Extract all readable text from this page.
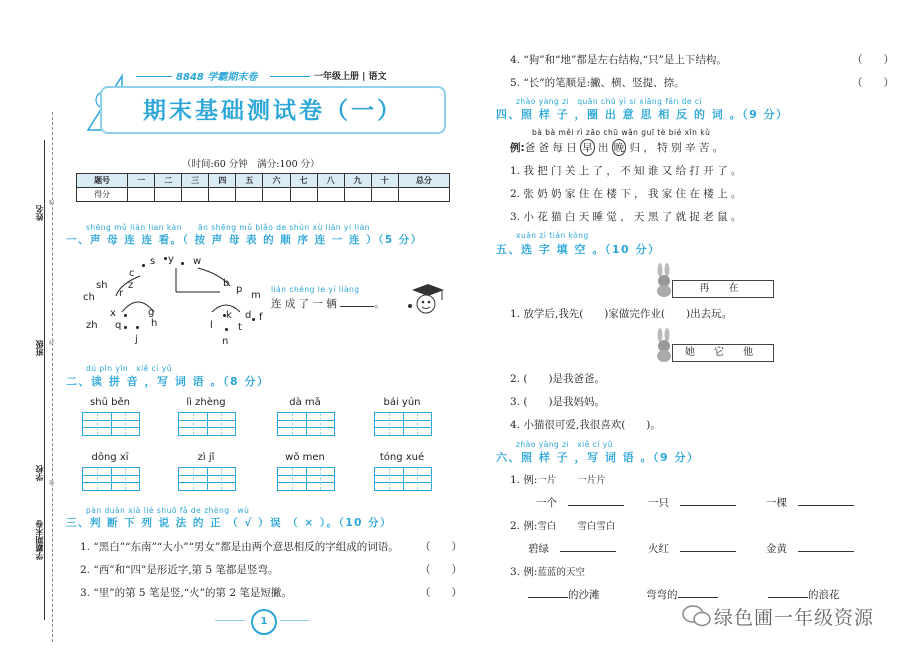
姓名
班级
学校
学霸期末卷
线
封
密
8848 学霸期末卷	一年级上册 | 语文
期末基础测试卷（一）
（时间:60 分钟　满分:100 分）
题号	一	二	三	四	五	六	七	八	九	十	总分
得分											
shēng mǔ lián lian kàn　　ān shēng mǔ biǎo de shùn xù lián yi lián
一、声 母 连 连 看。（ 按 声 母 表 的 顺 序 连 一 连 ）（5 分）
c
s y w
z
r
b
p
sh
m
ch
x	d f
zh q	h	l	t
j
g	k
n
lián chéng le yí liàng
连 成 了 一 辆	。
dú pīn yīn　xiě cí yǔ
二、读 拼 音 ，写 词 语 。（8 分）
shū běn	lì zhèng	dà mǎ	bái yún
dōng xī	zì jǐ	wǒ men	tóng xué
pàn duàn xià liè shuō fǎ de zhèng　wù
三、判 断 下 列 说 法 的 正 （ √ ）误 （ × ）。（10 分）
1. “黑白”“东南”“大小”“男女”都是由两个意思相反的字组成的词语。 （　　）
2. “西”和“四”是形近字,第 5 笔都是竖弯。	（　　）
3. “里”的第 5 笔是竖,“火”的第 2 笔是短撇。	（　　）
1
4. “狗”和“地”都是左右结构,“只”是上下结构。	（　　）
5. “长”的笔顺是:撇、横、竖提、捺。	（　　）
zhào yàng zi　quān chū yì si xiāng fǎn de cí
四、照 样 子 ，圈 出 意 思 相 反 的 词 。（9 分）
bà bà měi rì zǎo chū wǎn guī tè bié xīn kǔ
例:爸 爸 每 日 早 出 晚 归 ， 特 别 辛 苦 。
1. 我 把 门 关 上 了 ， 不 知 谁 又 给 打 开 了 。
2. 张 奶 奶 家 住 在 楼 下 ， 我 家 住 在 楼 上 。
3. 小 花 猫 白 天 睡 觉 ， 天 黑 了 就 捉 老 鼠 。
xuǎn zì tián kòng
五、选 字 填 空 。（10 分）
再 在
1. 放学后,我先(　　)家做完作业(　　)出去玩。
她 它 他
2. (　　)是我爸爸。
3. (　　)是我妈妈。
4. 小猫很可爱,我很喜欢(　　)。
zhào yàng zi　xiě cí yǔ
六、照 样 子 ，写 词 语 。（9 分）
1. 例:一片　　 一片片
一个　	一只　	一棵　
2. 例:雪白　　 雪白雪白
碧绿　	火红　	金黄　
3. 例:蓝蓝的天空
的沙滩	弯弯的	的浪花
绿色圃一年级资源
